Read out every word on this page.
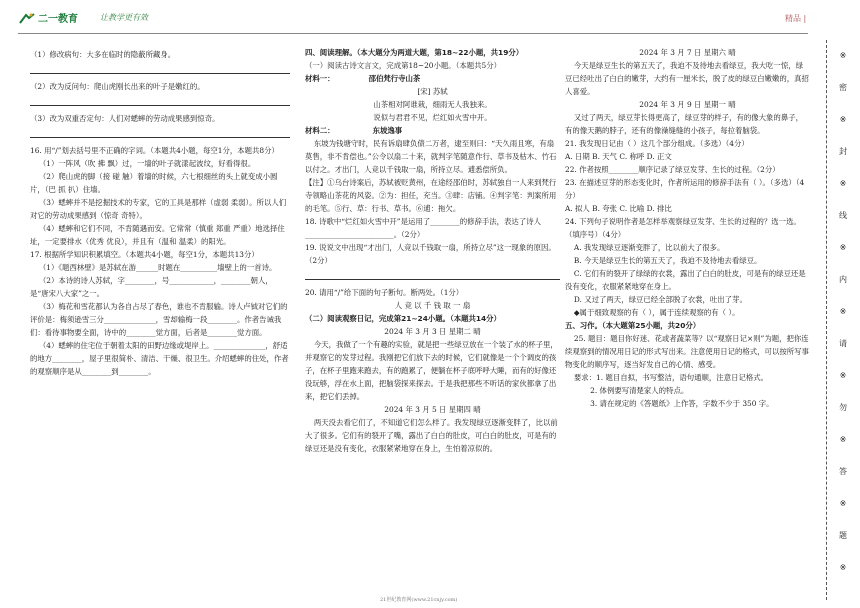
二一教育	让教学更有效	精品 |

（1）修改病句：大多在临时的隐蔽所藏身。

（2）改为反问句：爬山虎刚长出来的叶子是嫩红的。

（3）改为双重否定句：人们对蟋蟀的劳动成果感到惊奇。

16. 用“/”划去括号里不正确的字词。（本题共4小题，每空1分，本题共8分）

（1）一阵风（吹 拂 飘）过，一墙的叶子就漾起波纹，好看得很。

（2）爬山虎的脚（接 碰 触）着墙的时候，六七根细丝的头上就变成小圆片，（巴 抓 扒）住墙。

（3）蟋蟀并不是挖掘技术的专家，它的工具是那样（虚弱 柔弱）。所以人们对它的劳动成果感到（惊奇 奇特）。

（4）蟋蟀和它们不同，不肯随遇而安。它常常（慎重 郑重 严重）地选择住址，一定要排水（优秀 优良），并且有（温和 温柔）的阳光。

17. 根据所学知识积累填空。（本题共4小题，每空1分，本题共13分）

（1）《题西林壁》是苏轼在游______时题在__________墙壁上的一首诗。

（2）本诗的诗人苏轼，字________，号____________，________朝人，是“唐宋八大家”之一。

（3）梅花和雪花都认为各自占尽了春色，谁也不肯服输。诗人卢钺对它们的评价是：梅须逊雪三分______________，雪却输梅一段________。作者告诫我们：看待事物要全面，诗中的________觉方面，后者是________觉方面。

（4）蟋蟀的住宅位于朝着太阳的田野边缘或堤岸上。______________，舒适的地方________，屋子里很简朴、清洁、干燥、很卫生。介绍蟋蟀的住处，作者的观察顺序是从________到________。

四、阅读理解。（本大题分为两道大题，第18~22小题，共19分）

（一）阅读古诗文言文，完成第18~20小题。（本题共5分）

材料一：	邵伯梵行寺山茶

[宋] 苏轼

山茶相对阿谁栽，细雨无人我独来。

说似与君君不见，烂红如火雪中开。

材料二：	东坡逸事

东坡为钱塘守时，民有诉扇肆负债二万者，逮至则曰：“天久雨且寒，有扇莫售，非不肯偿也。”公令以扇二十来，就判字笔随意作行、草书及枯木、竹石以付之。才出门，人竞以千钱取一扇，所持立尽。逋悉偿所负。

【注】①乌台诗案后，苏轼被贬黄州，在途经邵伯时，苏轼独自一人来到梵行寺领略山茶花的风姿。②为：担任，充当。③肆：店铺。④判字笔：判案所用的毛笔。⑤行、草：行书、草书。⑥逋：拖欠。

18. 诗歌中“烂红如火雪中开”是运用了________的修辞手法，表达了诗人________________________。（2分）

19. 说说文中出现“才出门，人竞以千钱取一扇，所持立尽”这一现象的原因。（2分）

20. 请用“/”给下面的句子断句。断两处。（1分）

人 竞 以 千 钱 取 一 扇

（二）阅读观察日记，完成第21~24小题。（本题共14分）

2024 年 3 月 3 日 星期二 晴

今天，我做了一个有趣的实验，就是把一些绿豆放在一个装了水的杯子里，并观察它的发芽过程。我刚把它们放下去的时候，它们就像是一个个调皮的孩子，在杯子里跑来跑去，有的跑累了，便躺在杯子底呼呼大睡，而有的好像还没玩够，浮在水上面，把脑袋探来探去。于是我把那些不听话的家伙都拿了出来，把它们丢掉。

2024 年 3 月 5 日 星期四 晴

两天没去看它们了，不知道它们怎么样了。我发现绿豆逐渐变胖了，比以前大了很多。它们有的裂开了嘴，露出了白白的肚皮，可白白的肚皮，可是有的绿豆还是没有变化，衣服紧紧地穿在身上，生怕着凉似的。

2024 年 3 月 7 日 星期六 晴

今天是绿豆生长的第五天了，我迫不及待地去看绿豆，我大吃一惊，绿豆已经吐出了白白的嫩芽，大约有一厘米长，脱了皮的绿豆白嫩嫩的，真招人喜爱。

2024 年 3 月 9 日 星期一 晴

又过了两天，绿豆芽长得更高了，绿豆芽的样子，有的像大象的鼻子，有的像天鹅的脖子，还有的像澡缝缝的小孩子，每拉着脑袋。

21. 我发现日记由（ ）这几个部分组成。（多选）（4分）

A. 日期 B. 天气 C. 称呼 D. 正文

22. 作者按照________顺序记录了绿豆发芽、生长的过程。（2分）

23. 在描述豆芽的形态变化时，作者所运用的修辞手法有（ ）。（多选）（4分）

A. 拟人 B. 夸张 C. 比喻 D. 排比

24. 下列句子说明作者是怎样举观察绿豆发芽、生长的过程的？选一选。（填序号）（4分）

A. 我发现绿豆逐渐变胖了，比以前大了很多。

B. 今天是绿豆生长的第五天了，我迫不及待地去看绿豆。

C. 它们有的裂开了绿绿的衣裳，露出了白白的肚皮，可是有的绿豆还是没有变化，衣服紧紧地穿在身上。

D. 又过了两天，绿豆已经全部脱了衣裳，吐出了芽。

◆属于细致观察的有（ ），属于连续观察的有（ ）。

五、习作。（本大题第25小题，共20分）

25. 题目：题目你好迷、花或者蔬菜等？以“观察日记×则”为题，把你连续观察到的情况用日记的形式写出来。注意使用日记的格式，可以按所写事物变化的顺序写，逐当好发自己的心情、感受。

要求：1. 题目自拟，书写整洁，语句通顺，注意日记格式。

2. 体例要写清楚家人的特点。

3. 请在规定的《答题纸》上作答，字数不少于 350 字。

※
密
※
封
※
线
※
内
※
请
※
勿
※
答
※
题
※
21世纪教育网(www.21cnjy.com)
